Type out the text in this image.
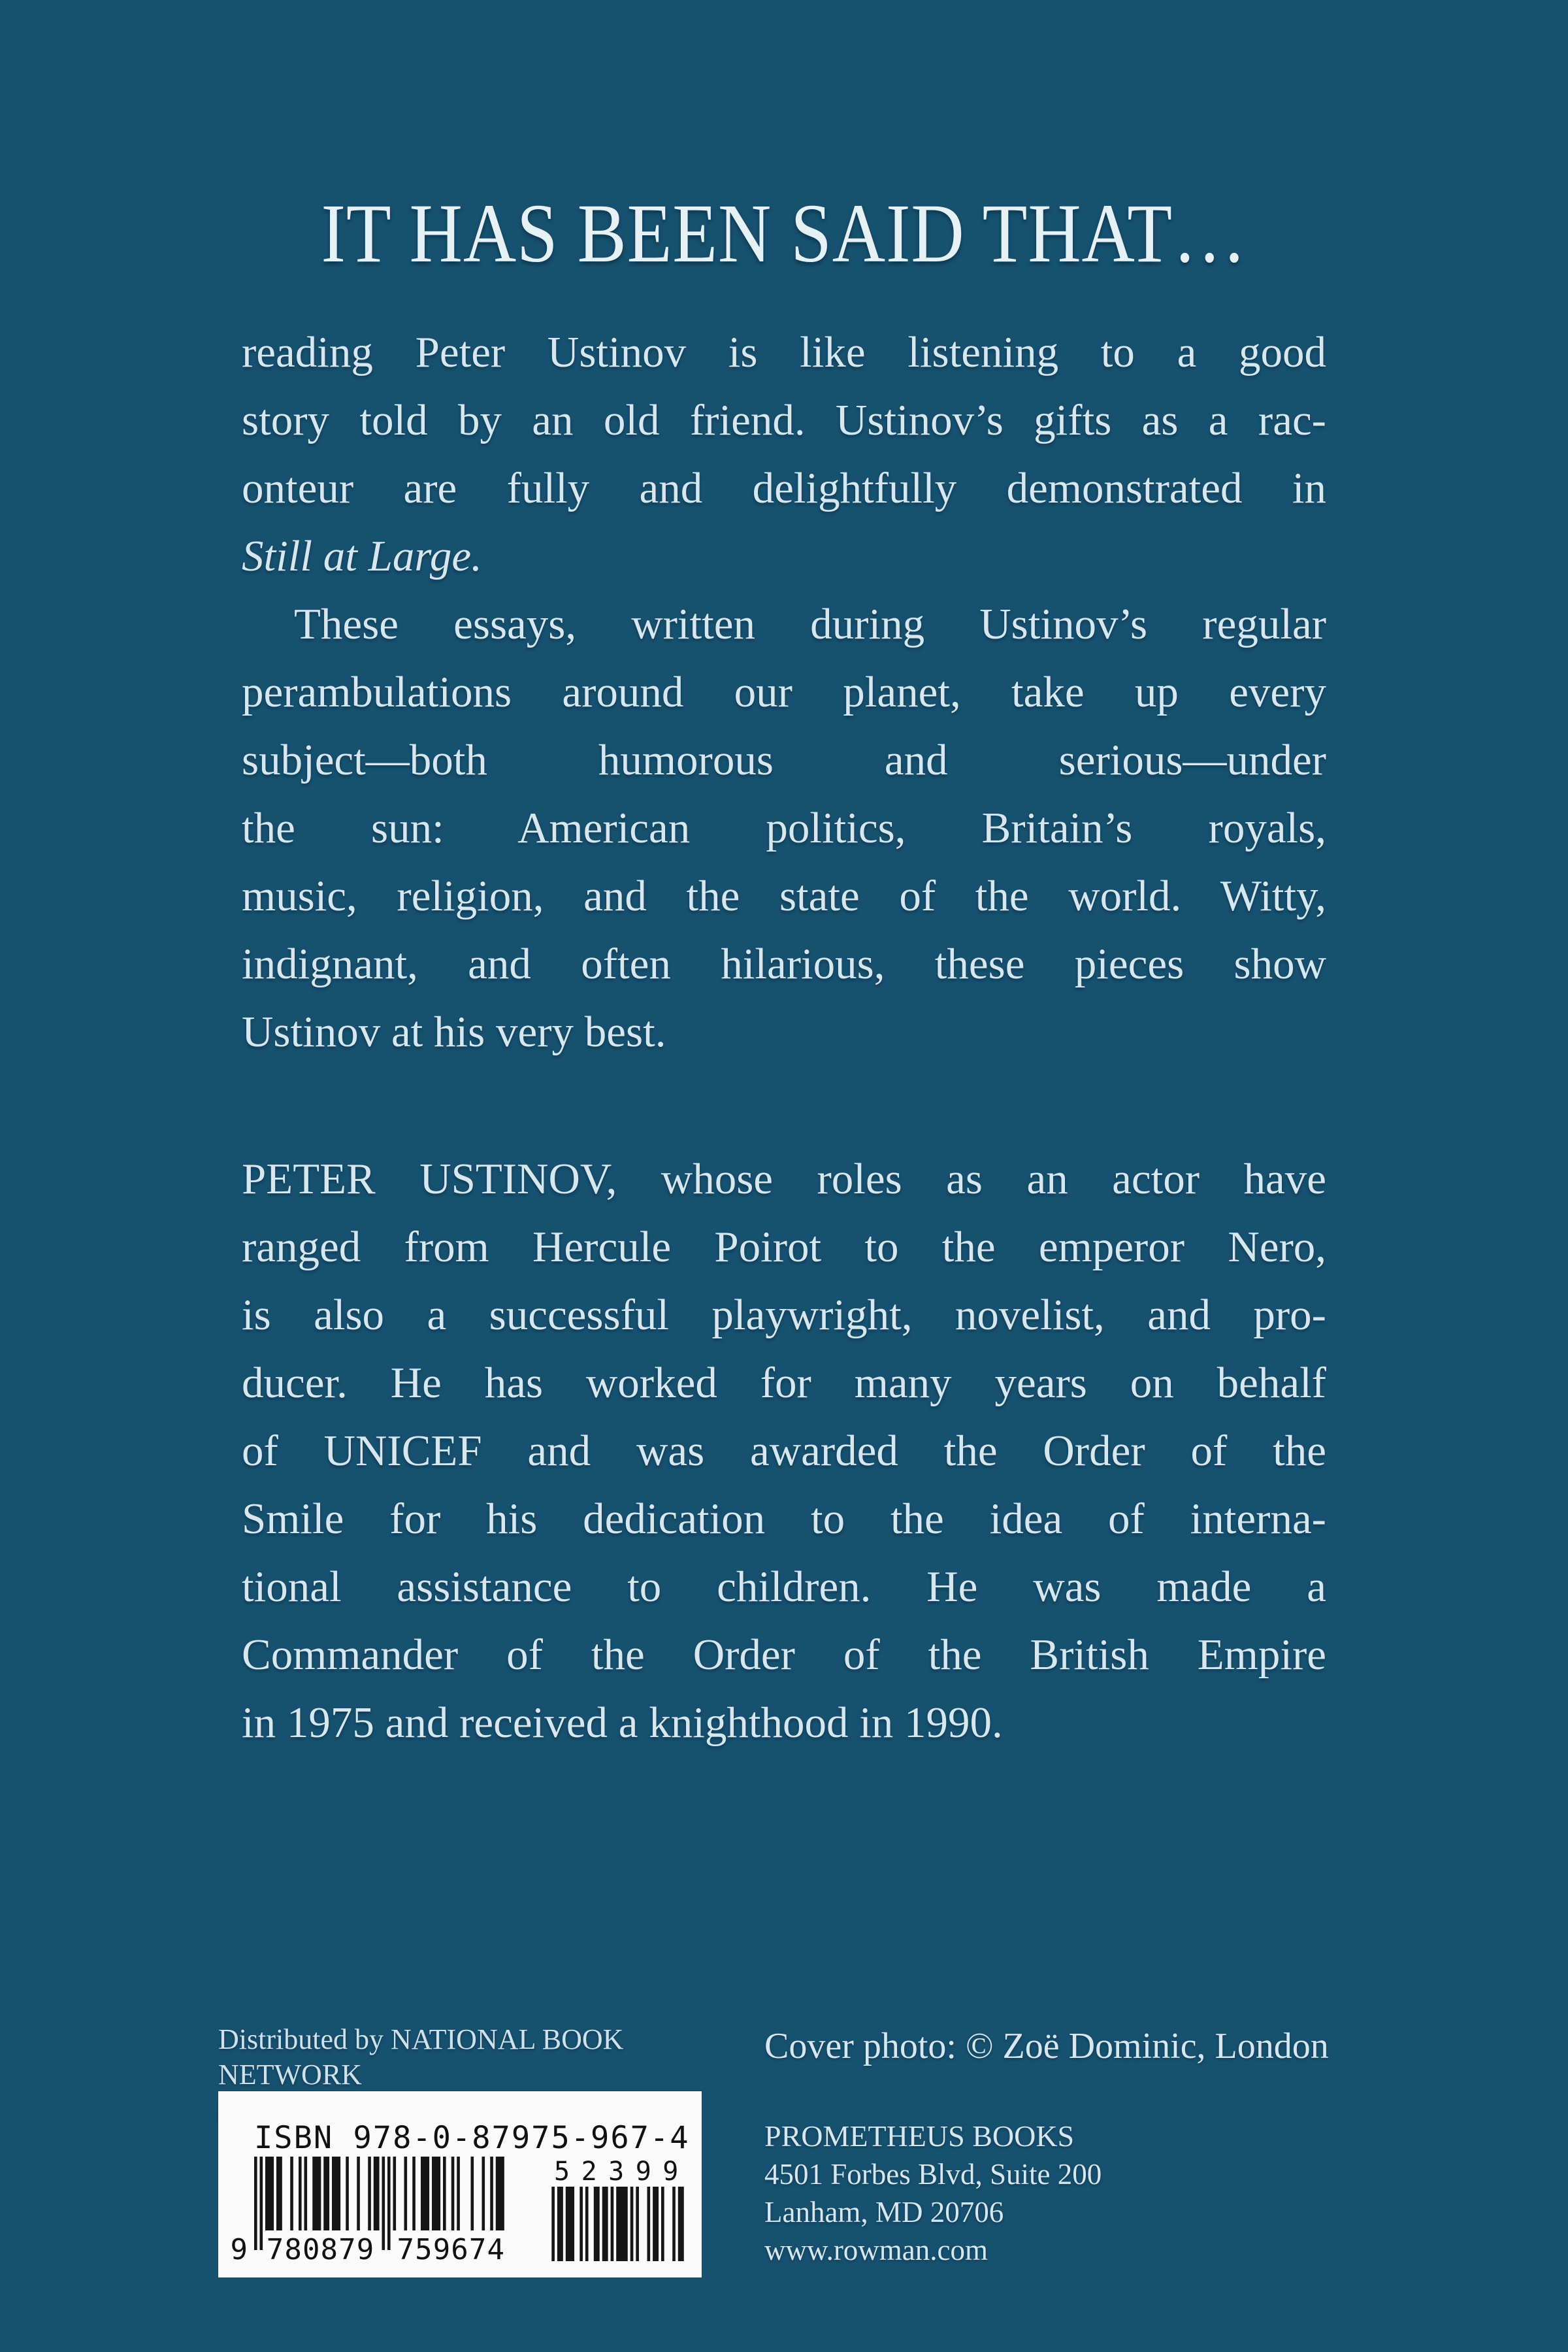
IT HAS BEEN SAID THAT…
reading Peter Ustinov is like listening to a good
story told by an old friend. Ustinov’s gifts as a rac-
onteur are fully and delightfully demonstrated in
Still at Large.
These essays, written during Ustinov’s regular
perambulations around our planet, take up every
subject—both humorous and serious—under
the sun: American politics, Britain’s royals,
music, religion, and the state of the world. Witty,
indignant, and often hilarious, these pieces show
Ustinov at his very best.
PETER USTINOV, whose roles as an actor have
ranged from Hercule Poirot to the emperor Nero,
is also a successful playwright, novelist, and pro-
ducer. He has worked for many years on behalf
of UNICEF and was awarded the Order of the
Smile for his dedication to the idea of interna-
tional assistance to children. He was made a
Commander of the Order of the British Empire
in 1975 and received a knighthood in 1990.
Distributed by NATIONAL BOOK NETWORK
ISBN 978-0-87975-967-4
9 780879 759674
5 2 3 9 9
Cover photo: © Zoë Dominic, London
PROMETHEUS BOOKS
4501 Forbes Blvd, Suite 200
Lanham, MD 20706
www.rowman.com
